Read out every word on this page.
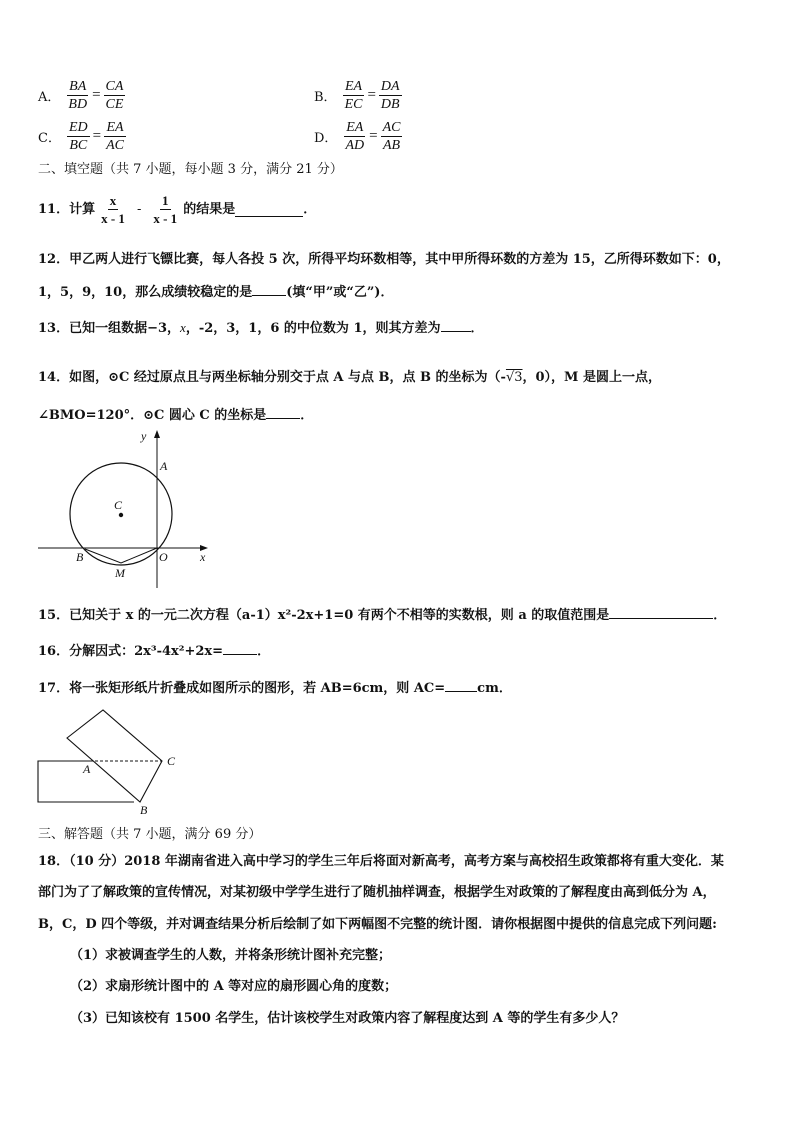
A． $\frac{BA}{BD} = \frac{CA}{CE}$	B． $\frac{EA}{EC} = \frac{DA}{DB}$
C． $\frac{ED}{BC} = \frac{EA}{AC}$	D． $\frac{EA}{AD} = \frac{AC}{AB}$
二、填空题（共 7 小题，每小题 3 分，满分 21 分）
11．计算 $\frac{x}{x - 1} - \frac{1}{x - 1}$ 的结果是	．
12．甲乙两人进行飞镖比赛，每人各投 5 次，所得平均环数相等，其中甲所得环数的方差为 15，乙所得环数如下：0，
1，5，9，10，那么成绩较稳定的是	(填“甲”或“乙”)．
13．已知一组数据−3，x，-2，3，1，6 的中位数为 1，则其方差为 ．
14．如图，⊙C 经过原点且与两坐标轴分别交于点 A 与点 B，点 B 的坐标为（-√3，0），M 是圆上一点，
∠BMO=120°．⊙C 圆心 C 的坐标是	．
y
A
C
B	O	x
M
15．已知关于 x 的一元二次方程（a-1）x²-2x+1=0 有两个不相等的实数根，则 a 的取值范围是	．
16．分解因式：2x³-4x²+2x=	．
17．将一张矩形纸片折叠成如图所示的图形，若 AB=6cm，则 AC= cm．
A
C
B
三、解答题（共 7 小题，满分 69 分）
18．（10 分）2018 年湖南省进入高中学习的学生三年后将面对新高考，高考方案与高校招生政策都将有重大变化．某
部门为了了解政策的宣传情况，对某初级中学学生进行了随机抽样调查，根据学生对政策的了解程度由高到低分为 A，
B，C，D 四个等级，并对调查结果分析后绘制了如下两幅图不完整的统计图．请你根据图中提供的信息完成下列问题:
（1）求被调查学生的人数，并将条形统计图补充完整；
（2）求扇形统计图中的 A 等对应的扇形圆心角的度数；
（3）已知该校有 1500 名学生，估计该校学生对政策内容了解程度达到 A 等的学生有多少人？
